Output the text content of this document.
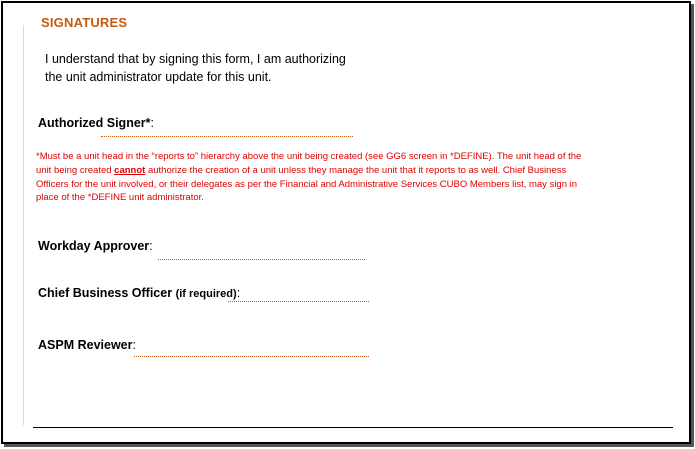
SIGNATURES
I understand that by signing this form, I am authorizing
the unit administrator update for this unit.
Authorized Signer*:
*Must be a unit head in the “reports to” hierarchy above the unit being created (see GG6 screen in *DEFINE). The unit head of the unit being created cannot authorize the creation of a unit unless they manage the unit that it reports to as well. Chief Business Officers for the unit involved, or their delegates as per the Financial and Administrative Services CUBO Members list, may sign in place of the *DEFINE unit administrator.
Workday Approver:
Chief Business Officer (if required):
ASPM Reviewer:
